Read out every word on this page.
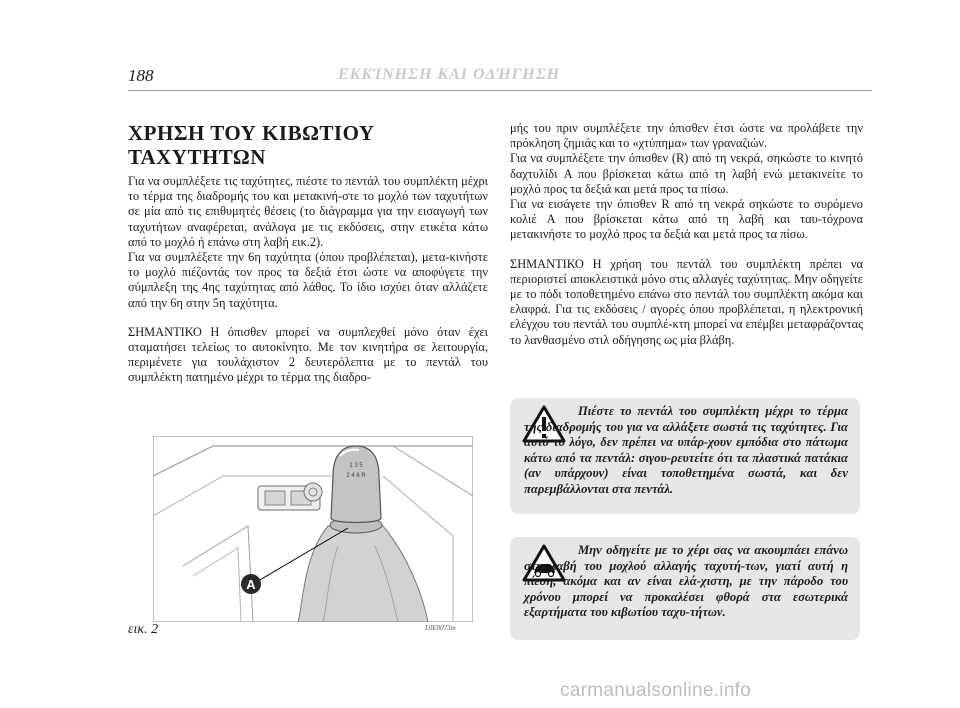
188	ΕΚΚΊΝΗΣΗ ΚΑΙ ΟΔΉΓΗΣΗ
ΧΡΗΣΗ ΤΟΥ ΚΙΒΩΤΙΟΥ
ΤΑΧΥΤΗΤΩΝ

Για να συμπλέξετε τις ταχύτητες, πιέστε το πεντάλ του συμπλέκτη μέχρι το τέρμα της διαδρομής του και μετακινή-στε το μοχλό των ταχυτήτων σε μία από τις επιθυμητές θέσεις (το διάγραμμα για την εισαγωγή των ταχυτήτων αναφέρεται, ανάλογα με τις εκδόσεις, στην ετικέτα κάτω από το μοχλό ή επάνω στη λαβή εικ.2).

Για να συμπλέξετε την 6η ταχύτητα (όπου προβλέπεται), μετα-κινήστε το μοχλό πιέζοντάς τον προς τα δεξιά έτσι ώστε να αποφύγετε την σύμπλεξη της 4ης ταχύτητας από λάθος. Το ίδιο ισχύει όταν αλλάζετε από την 6η στην 5η ταχύτητα.

ΣΗΜΑΝΤΙΚΟ Η όπισθεν μπορεί να συμπλεχθεί μόνο όταν έχει σταματήσει τελείως το αυτοκίνητο. Με τον κινητήρα σε λειτουργία, περιμένετε για τουλάχιστον 2 δευτερόλεπτα με το πεντάλ του συμπλέκτη πατημένο μέχρι το τέρμα της διαδρο-

1 3 5
2 4 6 R
A
L0E0073m
εικ. 2

μής του πριν συμπλέξετε την όπισθεν έτσι ώστε να προλάβετε την πρόκληση ζημιάς και το «χτύπημα» των γραναζιών.

Για να συμπλέξετε την όπισθεν (R) από τη νεκρά, σηκώστε το κινητό δαχτυλίδι A που βρίσκεται κάτω από τη λαβή ενώ μετακινείτε το μοχλό προς τα δεξιά και μετά προς τα πίσω.

Για να εισάγετε την όπισθεν R από τη νεκρά σηκώστε το συρόμενο κολιέ A που βρίσκεται κάτω από τη λαβή και ταυ-τόχρονα μετακινήστε το μοχλό προς τα δεξιά και μετά προς τα πίσω.

ΣΗΜΑΝΤΙΚΟ Η χρήση του πεντάλ του συμπλέκτη πρέπει να περιοριστεί αποκλειστικά μόνο στις αλλαγές ταχύτητας. Μην οδηγείτε με το πόδι τοποθετημένο επάνω στο πεντάλ του συμπλέκτη ακόμα και ελαφρά. Για τις εκδόσεις / αγορές όπου προβλέπεται, η ηλεκτρονική ελέγχου του πεντάλ του συμπλέ-κτη μπορεί να επέμβει μεταφράζοντας το λανθασμένο στιλ οδήγησης ως μία βλάβη.

Πιέστε το πεντάλ του συμπλέκτη μέχρι το τέρμα της διαδρομής του για να αλλάξετε σωστά τις ταχύτητες. Για αυτό το λόγο, δεν πρέπει να υπάρ-χουν εμπόδια στο πάτωμα κάτω από τα πεντάλ: σιγου-ρευτείτε ότι τα πλαστικά πατάκια (αν υπάρχουν) είναι τοποθετημένα σωστά, και δεν παρεμβάλλονται στα πεντάλ.
Μην οδηγείτε με το χέρι σας να ακουμπάει επάνω στη λαβή του μοχλού αλλαγής ταχυτή-των, γιατί αυτή η πίεση, ακόμα και αν είναι ελά-χιστη, με την πάροδο του χρόνου μπορεί να προκαλέσει φθορά στα εσωτερικά εξαρτήματα του κιβωτίου ταχυ-τήτων.
carmanualsonline.info
